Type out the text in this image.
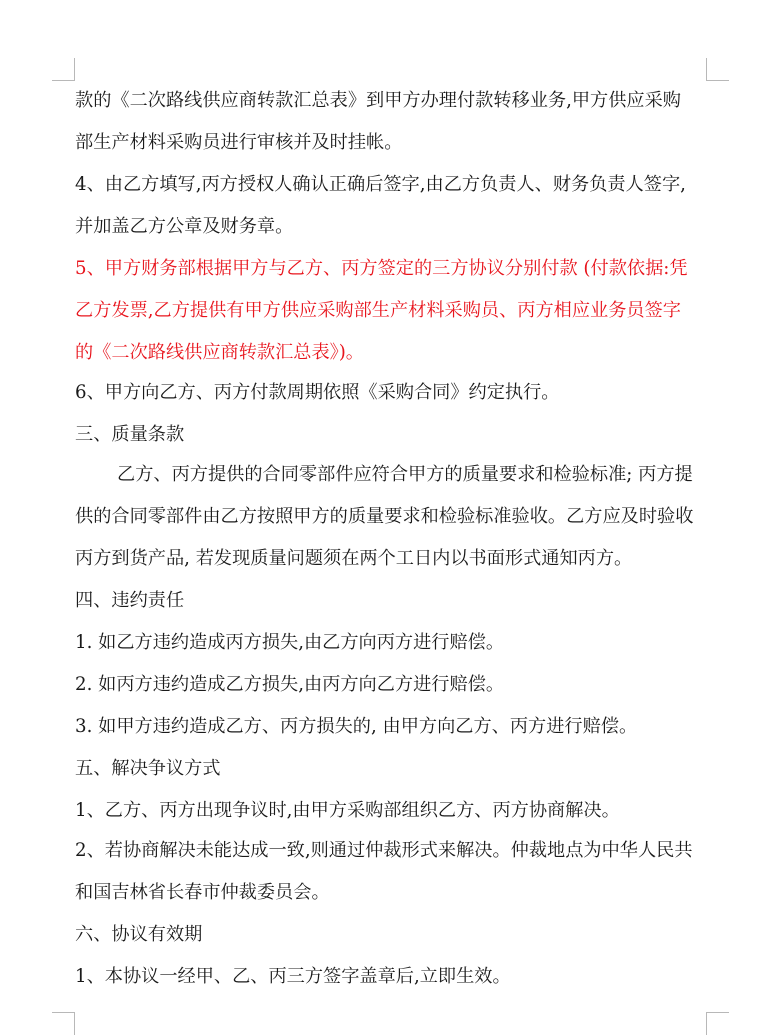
款的《二次路线供应商转款汇总表》到甲方办理付款转移业务,甲方供应采购
部生产材料采购员进行审核并及时挂帐。
4、由乙方填写,丙方授权人确认正确后签字,由乙方负责人、财务负责人签字,
并加盖乙方公章及财务章。
5、甲方财务部根据甲方与乙方、丙方签定的三方协议分别付款 (付款依据:凭
乙方发票,乙方提供有甲方供应采购部生产材料采购员、丙方相应业务员签字
的《二次路线供应商转款汇总表》)。
6、甲方向乙方、丙方付款周期依照《采购合同》约定执行。
三、质量条款
乙方、丙方提供的合同零部件应符合甲方的质量要求和检验标准; 丙方提
供的合同零部件由乙方按照甲方的质量要求和检验标准验收。乙方应及时验收
丙方到货产品, 若发现质量问题须在两个工日内以书面形式通知丙方。
四、违约责任
1. 如乙方违约造成丙方损失,由乙方向丙方进行赔偿。
2. 如丙方违约造成乙方损失,由丙方向乙方进行赔偿。
3. 如甲方违约造成乙方、丙方损失的, 由甲方向乙方、丙方进行赔偿。
五、解决争议方式
1、乙方、丙方出现争议时,由甲方采购部组织乙方、丙方协商解决。
2、若协商解决未能达成一致,则通过仲裁形式来解决。仲裁地点为中华人民共
和国吉林省长春市仲裁委员会。
六、协议有效期
1、本协议一经甲、乙、丙三方签字盖章后,立即生效。
